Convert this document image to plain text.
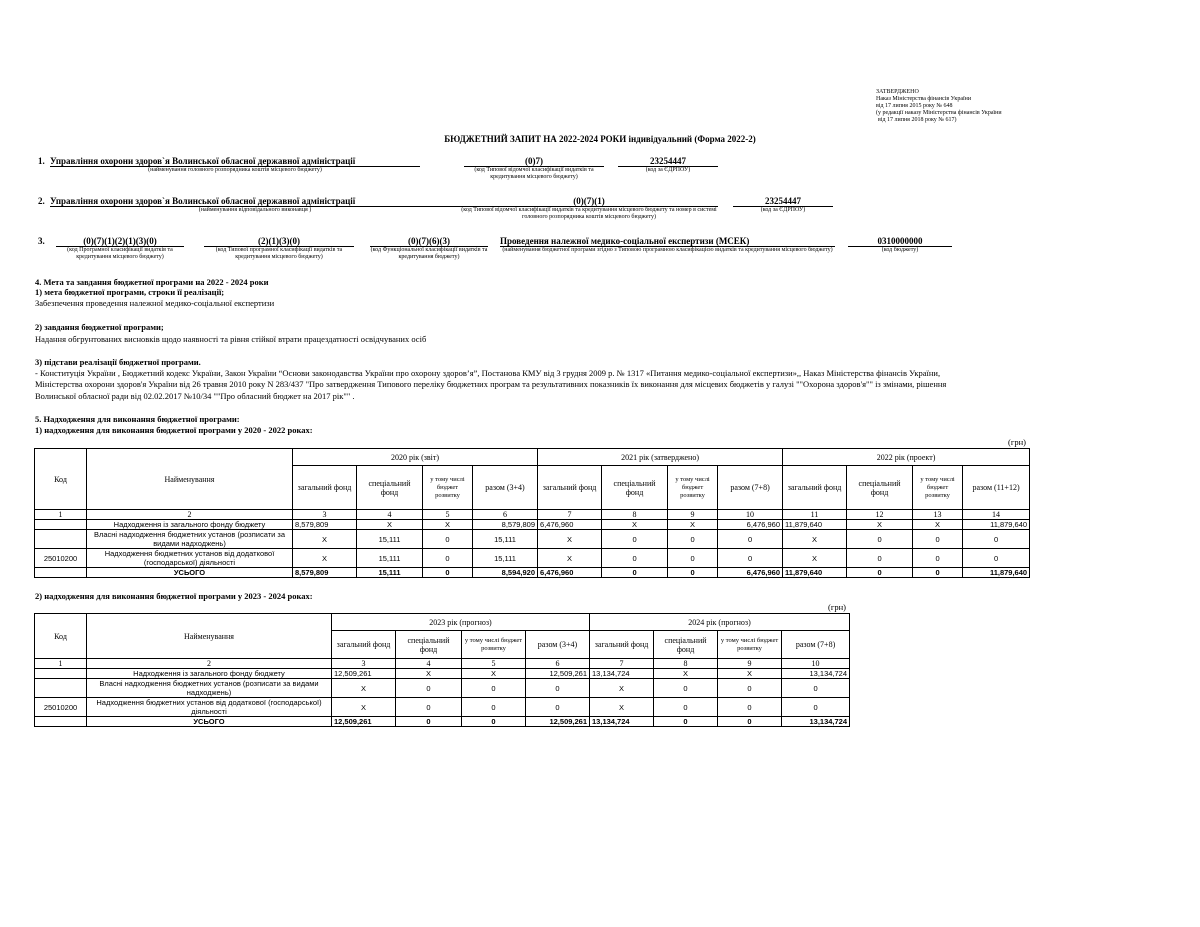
ЗАТВЕРДЖЕНО
Наказ Міністерства фінансів України
від 17 липня 2015 року № 648
(у редакції наказу Міністерства фінансів України
від 17 липня 2018 року № 617)
БЮДЖЕТНИЙ ЗАПИТ НА 2022-2024 РОКИ індивідуальний (Форма 2022-2)
1. Управління охорони здоров`я Волинської обласної державної адміністрації
(найменування головного розпорядника коштів місцевого бюджету)
(0)7)
(код Типової відомчої класифікації видатків та кредитування місцевого бюджету)
23254447
(код за ЄДРПОУ)
2. Управління охорони здоров`я Волинської обласної державної адміністрації
(найменування відповідального виконавця )
(0)(7)(1)
(код Типової відомчої класифікації видатків та кредитування місцевого бюджету та номер в системі головного розпорядника коштів місцевого бюджету)
23254447
(код за ЄДРПОУ)
3.	(0)(7)(1)(2)(1)(3)(0)
(код Програмної класифікації видатків та кредитування місцевого бюджету)
(2)(1)(3)(0)
(код Типової програмної класифікації видатків та кредитування місцевого бюджету)
(0)(7)(6)(3)
(код Функціональної класифікації видатків та кредитування бюджету)
Проведення належної медико-соціальної експертизи (МСЕК)
(найменування бюджетної програми згідно з Типовою програмною класифікацією видатків та кредитування місцевого бюджету)
0310000000
(код бюджету)
4. Мета та завдання бюджетної програми на 2022 - 2024 роки
1) мета бюджетної програми, строки її реалізації;
Забезпечення проведення належної медико-соціальної експертизи
2) завдання бюджетної програми;
Надання обгрунтованих висновків щодо наявності та рівня стійкої втрати працездатності освідчуваних осіб
3) підстави реалізації бюджетної програми.
- Конституція України , Бюджетний кодекс України, Закон України “Основи законодавства України про охорону здоров’я”, Постанова КМУ від 3 грудня 2009 р. № 1317 «Питання медико-соціальної експертизи»,, Наказ Міністерства фінансів України,
Міністерства охорони здоров'я України від 26 травня 2010 року N 283/437 "Про затвердження Типового переліку бюджетних програм та результативних показників їх виконання для місцевих бюджетів у галузі ""Охорона здоров'я"" із змінами, рішення
Волинської обласної ради від 02.02.2017 №10/34 ""Про обласний бюджет на 2017 рік"" .
5. Надходження для виконання бюджетної програми:
1) надходження для виконання бюджетної програми у 2020 - 2022 роках:
(грн)
Код	Найменування	2020 рік (звіт)				2021 рік (затверджено)				2022 рік (проект)			
		загальний фонд	спеціальний фонд	у тому числі бюджет розвитку	разом (3+4)	загальний фонд	спеціальний фонд	у тому числі бюджет розвитку	разом (7+8)	загальний фонд	спеціальний фонд	у тому числі бюджет розвитку	разом (11+12)
1	2	3	4	5	6	7	8	9	10	11	12	13	14
	Надходження із загального фонду бюджету	8,579,809	X	X	8,579,809	6,476,960	X	X	6,476,960	11,879,640	X	X	11,879,640
	Власні надходження бюджетних установ (розписати за видами надходжень)	X	15,111	0	15,111	X	0	0	0	X	0	0	0
25010200	Надходження бюджетних установ від додаткової (господарської) діяльності	X	15,111	0	15,111	X	0	0	0	X	0	0	0
	УСЬОГО	8,579,809	15,111	0	8,594,920	6,476,960	0	0	6,476,960	11,879,640	0	0	11,879,640
2) надходження для виконання бюджетної програми у 2023 - 2024 роках:
(грн)
Код	Найменування	2023 рік (прогноз)				2024 рік (прогноз)			
		загальний фонд	спеціальний фонд	у тому числі бюджет розвитку	разом (3+4)	загальний фонд	спеціальний фонд	у тому числі бюджет розвитку	разом (7+8)
1	2	3	4	5	6	7	8	9	10
	Надходження із загального фонду бюджету	12,509,261	X	X	12,509,261	13,134,724	X	X	13,134,724
	Власні надходження бюджетних установ (розписати за видами надходжень)	X	0	0	0	X	0	0	0
25010200	Надходження бюджетних установ від додаткової (господарської) діяльності	X	0	0	0	X	0	0	0
	УСЬОГО	12,509,261	0	0	12,509,261	13,134,724	0	0	13,134,724
